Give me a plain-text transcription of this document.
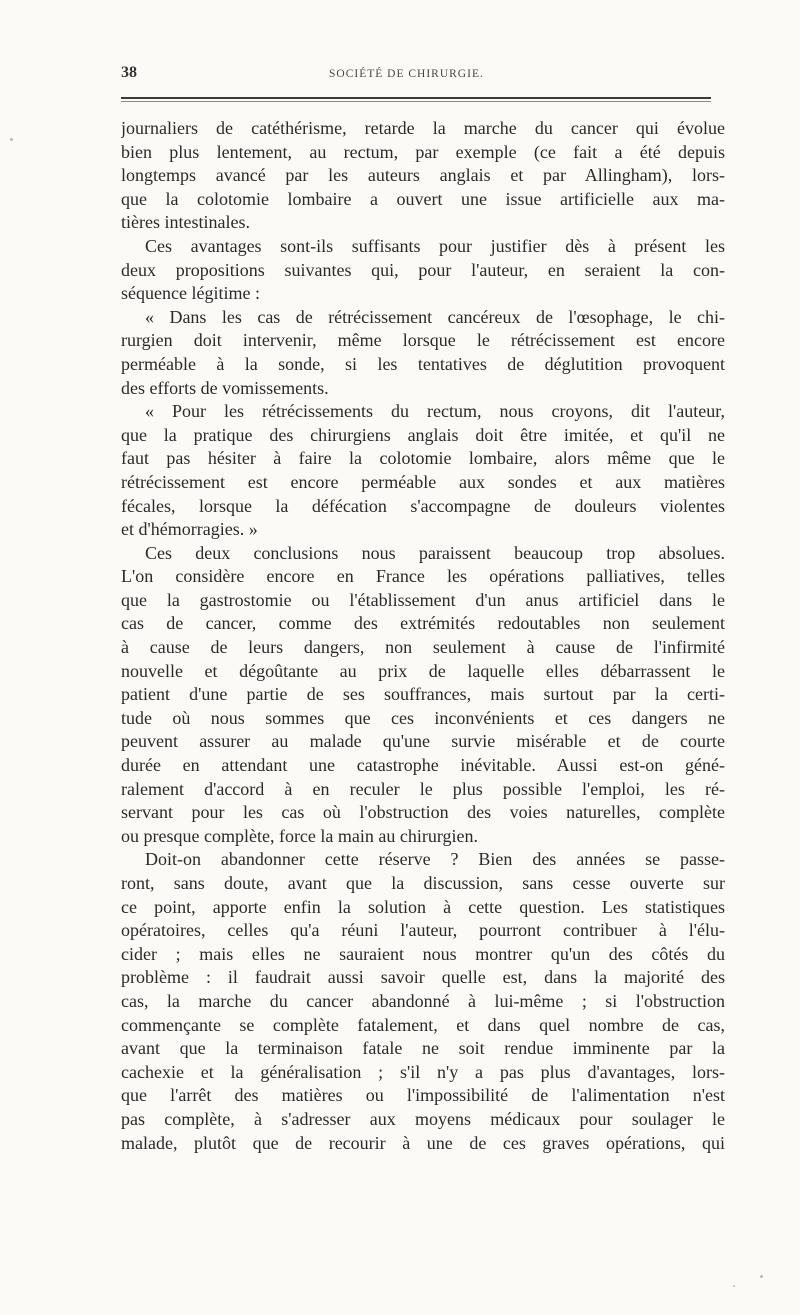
38	SOCIÉTÉ DE CHIRURGIE.
journaliers de catéthérisme, retarde la marche du cancer qui évolue
bien plus lentement, au rectum, par exemple (ce fait a été depuis
longtemps avancé par les auteurs anglais et par Allingham), lors-
que la colotomie lombaire a ouvert une issue artificielle aux ma-
tières intestinales.
Ces avantages sont-ils suffisants pour justifier dès à présent les
deux propositions suivantes qui, pour l'auteur, en seraient la con-
séquence légitime :
« Dans les cas de rétrécissement cancéreux de l'œsophage, le chi-
rurgien doit intervenir, même lorsque le rétrécissement est encore
perméable à la sonde, si les tentatives de déglutition provoquent
des efforts de vomissements.
« Pour les rétrécissements du rectum, nous croyons, dit l'auteur,
que la pratique des chirurgiens anglais doit être imitée, et qu'il ne
faut pas hésiter à faire la colotomie lombaire, alors même que le
rétrécissement est encore perméable aux sondes et aux matières
fécales, lorsque la défécation s'accompagne de douleurs violentes
et d'hémorragies. »
Ces deux conclusions nous paraissent beaucoup trop absolues.
L'on considère encore en France les opérations palliatives, telles
que la gastrostomie ou l'établissement d'un anus artificiel dans le
cas de cancer, comme des extrémités redoutables non seulement
à cause de leurs dangers, non seulement à cause de l'infirmité
nouvelle et dégoûtante au prix de laquelle elles débarrassent le
patient d'une partie de ses souffrances, mais surtout par la certi-
tude où nous sommes que ces inconvénients et ces dangers ne
peuvent assurer au malade qu'une survie misérable et de courte
durée en attendant une catastrophe inévitable. Aussi est-on géné-
ralement d'accord à en reculer le plus possible l'emploi, les ré-
servant pour les cas où l'obstruction des voies naturelles, complète
ou presque complète, force la main au chirurgien.
Doit-on abandonner cette réserve ? Bien des années se passe-
ront, sans doute, avant que la discussion, sans cesse ouverte sur
ce point, apporte enfin la solution à cette question. Les statistiques
opératoires, celles qu'a réuni l'auteur, pourront contribuer à l'élu-
cider ; mais elles ne sauraient nous montrer qu'un des côtés du
problème : il faudrait aussi savoir quelle est, dans la majorité des
cas, la marche du cancer abandonné à lui-même ; si l'obstruction
commençante se complète fatalement, et dans quel nombre de cas,
avant que la terminaison fatale ne soit rendue imminente par la
cachexie et la généralisation ; s'il n'y a pas plus d'avantages, lors-
que l'arrêt des matières ou l'impossibilité de l'alimentation n'est
pas complète, à s'adresser aux moyens médicaux pour soulager le
malade, plutôt que de recourir à une de ces graves opérations, qui
